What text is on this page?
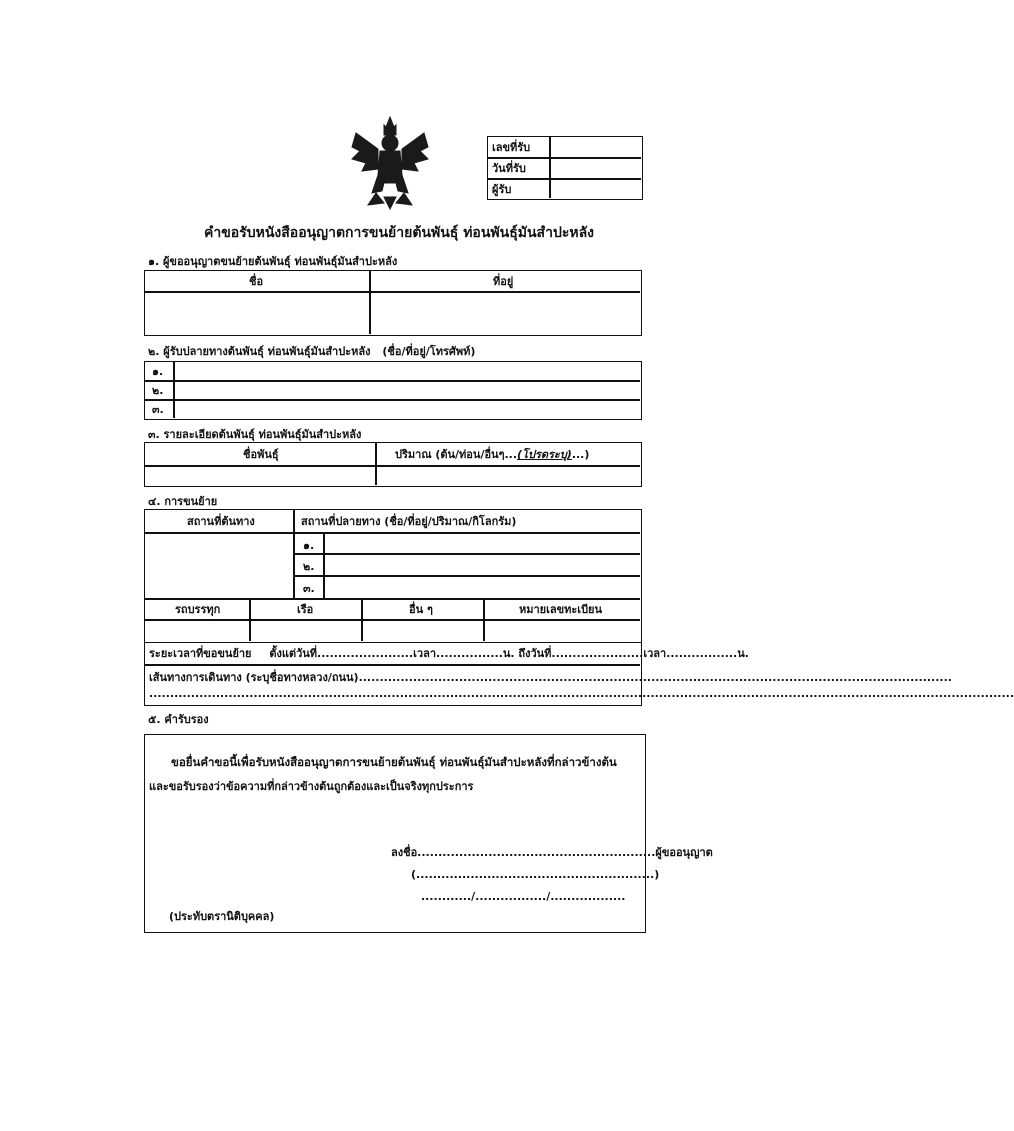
เลขที่รับ
วันที่รับ
ผู้รับ
คำขอรับหนังสืออนุญาตการขนย้ายต้นพันธุ์ ท่อนพันธุ์มันสำปะหลัง
๑. ผู้ขออนุญาตขนย้ายต้นพันธุ์ ท่อนพันธุ์มันสำปะหลัง
ชื่อ	ที่อยู่
๒. ผู้รับปลายทางต้นพันธุ์ ท่อนพันธุ์มันสำปะหลัง (ชื่อ/ที่อยู่/โทรศัพท์)
๑.
๒.
๓.
๓. รายละเอียดต้นพันธุ์ ท่อนพันธุ์มันสำปะหลัง
ชื่อพันธุ์	ปริมาณ (ต้น/ท่อน/อื่นๆ...(โปรดระบุ)...)
๔. การขนย้าย
สถานที่ต้นทาง	สถานที่ปลายทาง (ชื่อ/ที่อยู่/ปริมาณ/กิโลกรัม)
๑.
๒.
๓.
รถบรรทุก	เรือ	อื่น ๆ	หมายเลขทะเบียน
ระยะเวลาที่ขอขนย้าย ตั้งแต่วันที่.......................เวลา................น. ถึงวันที่......................เวลา.................น.
เส้นทางการเดินทาง (ระบุชื่อทางหลวง/ถนน)..............................................................................................................................................
...............................................................................................................................................................................................................
๕. คำรับรอง
ขอยื่นคำขอนี้เพื่อรับหนังสืออนุญาตการขนย้ายต้นพันธุ์ ท่อนพันธุ์มันสำปะหลังที่กล่าวข้างต้น
และขอรับรองว่าข้อความที่กล่าวข้างต้นถูกต้องและเป็นจริงทุกประการ
ลงชื่อ.........................................................ผู้ขออนุญาต
(.........................................................)
............/................./..................
(ประทับตรานิติบุคคล)
